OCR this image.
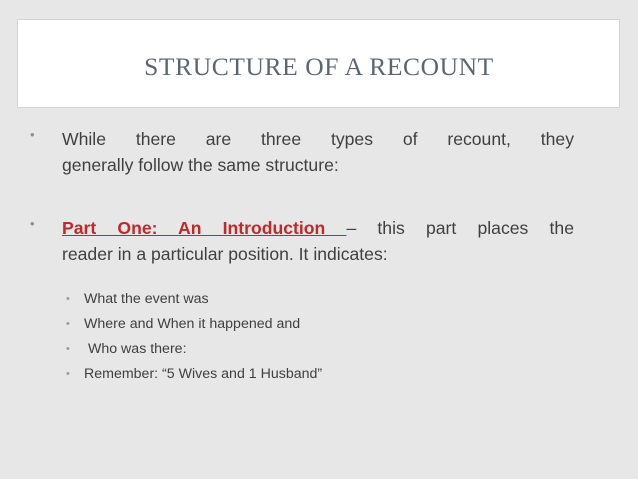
STRUCTURE OF A RECOUNT
• While there are three types of recount, they
generally follow the same structure:
• Part One: An Introduction – this part places the
reader in a particular position. It indicates:
• What the event was
• Where and When it happened and
• Who was there:
• Remember: “5 Wives and 1 Husband”
